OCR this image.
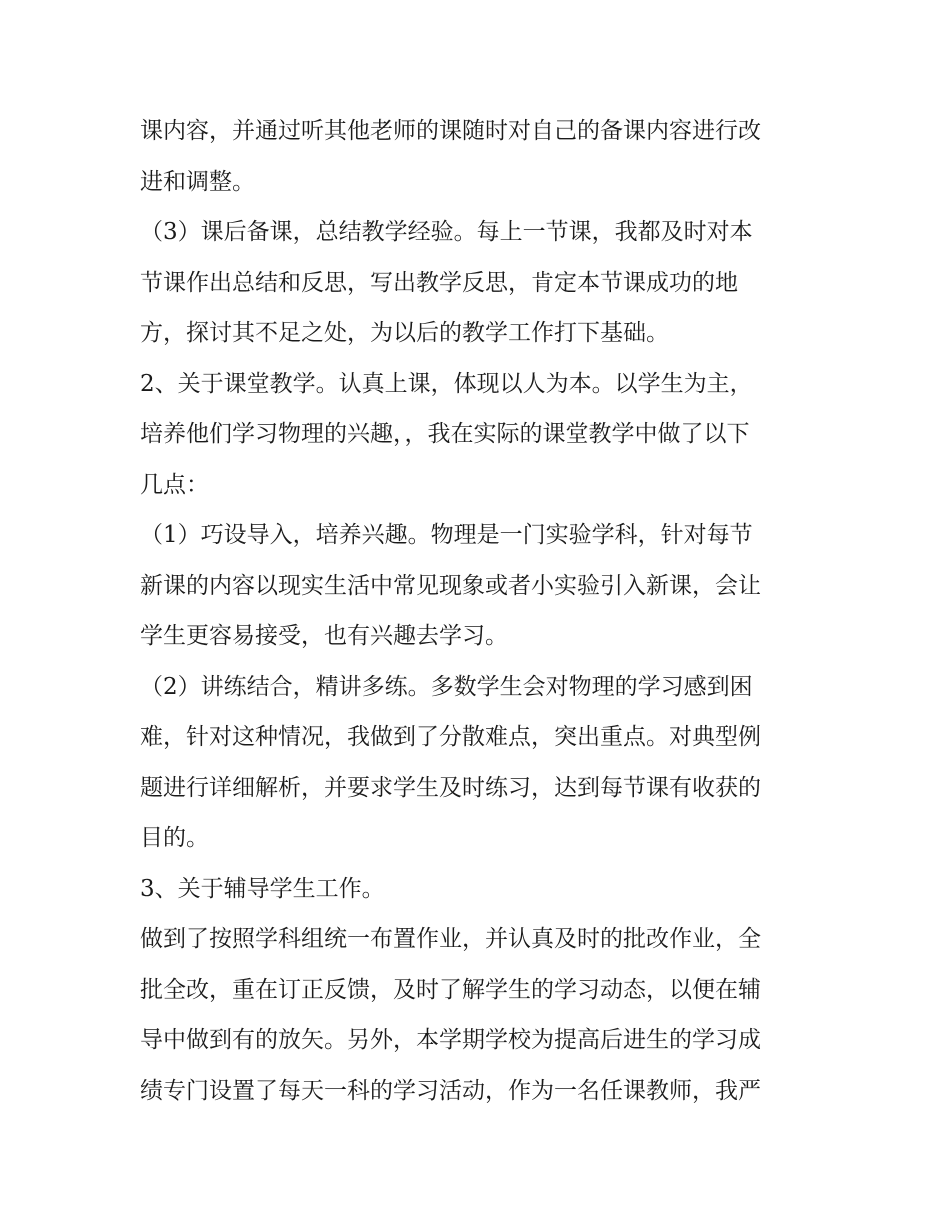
课内容，并通过听其他老师的课随时对自己的备课内容进行改
进和调整。
（3）课后备课，总结教学经验。每上一节课，我都及时对本
节课作出总结和反思，写出教学反思，肯定本节课成功的地
方，探讨其不足之处，为以后的教学工作打下基础。
2、关于课堂教学。认真上课，体现以人为本。以学生为主，
培养他们学习物理的兴趣，，我在实际的课堂教学中做了以下
几点：
（1）巧设导入，培养兴趣。物理是一门实验学科，针对每节
新课的内容以现实生活中常见现象或者小实验引入新课，会让
学生更容易接受，也有兴趣去学习。
（2）讲练结合，精讲多练。多数学生会对物理的学习感到困
难，针对这种情况，我做到了分散难点，突出重点。对典型例
题进行详细解析，并要求学生及时练习，达到每节课有收获的
目的。
3、关于辅导学生工作。
做到了按照学科组统一布置作业，并认真及时的批改作业，全
批全改，重在订正反馈，及时了解学生的学习动态，以便在辅
导中做到有的放矢。另外，本学期学校为提高后进生的学习成
绩专门设置了每天一科的学习活动，作为一名任课教师，我严
